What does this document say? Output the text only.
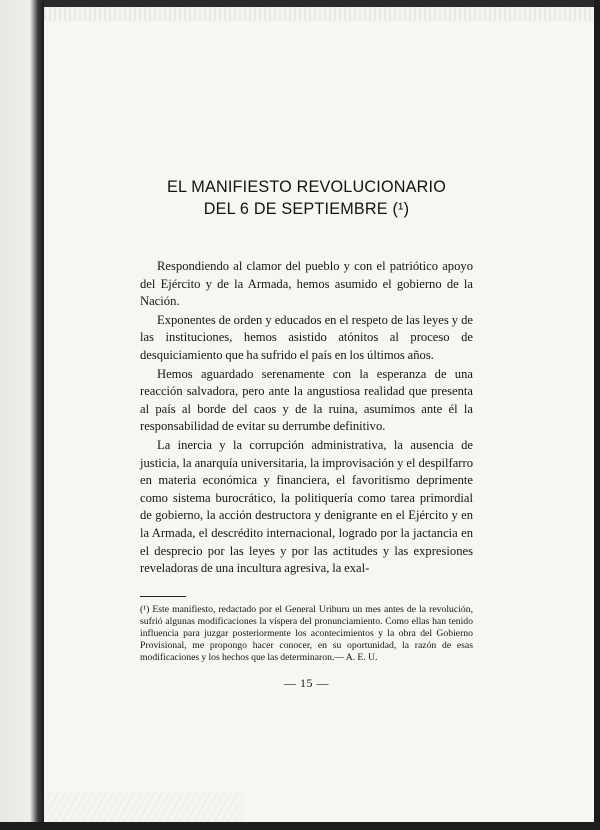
EL MANIFIESTO REVOLUCIONARIO
DEL 6 DE SEPTIEMBRE (¹)

Respondiendo al clamor del pueblo y con el patriótico apoyo del Ejército y de la Armada, hemos asumido el gobierno de la Nación.

Exponentes de orden y educados en el respeto de las leyes y de las instituciones, hemos asistido atónitos al proceso de desquiciamiento que ha sufrido el país en los últimos años.

Hemos aguardado serenamente con la esperanza de una reacción salvadora, pero ante la angustiosa realidad que presenta al país al borde del caos y de la ruina, asumimos ante él la responsabilidad de evitar su derrumbe definitivo.

La inercia y la corrupción administrativa, la ausencia de justicia, la anarquía universitaria, la improvisación y el despilfarro en materia económica y financiera, el favoritismo deprimente como sistema burocrático, la politiquería como tarea primordial de gobierno, la acción destructora y denigrante en el Ejército y en la Armada, el descrédito internacional, logrado por la jactancia en el desprecio por las leyes y por las actitudes y las expresiones reveladoras de una incultura agresiva, la exal-

(¹) Este manifiesto, redactado por el General Uriburu un mes antes de la revolución, sufrió algunas modificaciones la víspera del pronunciamiento. Como ellas han tenido influencia para juzgar posteriormente los acontecimientos y la obra del Gobierno Provisional, me propongo hacer conocer, en su oportunidad, la razón de esas modificaciones y los hechos que las determinaron.— A. E. U.
— 15 —
